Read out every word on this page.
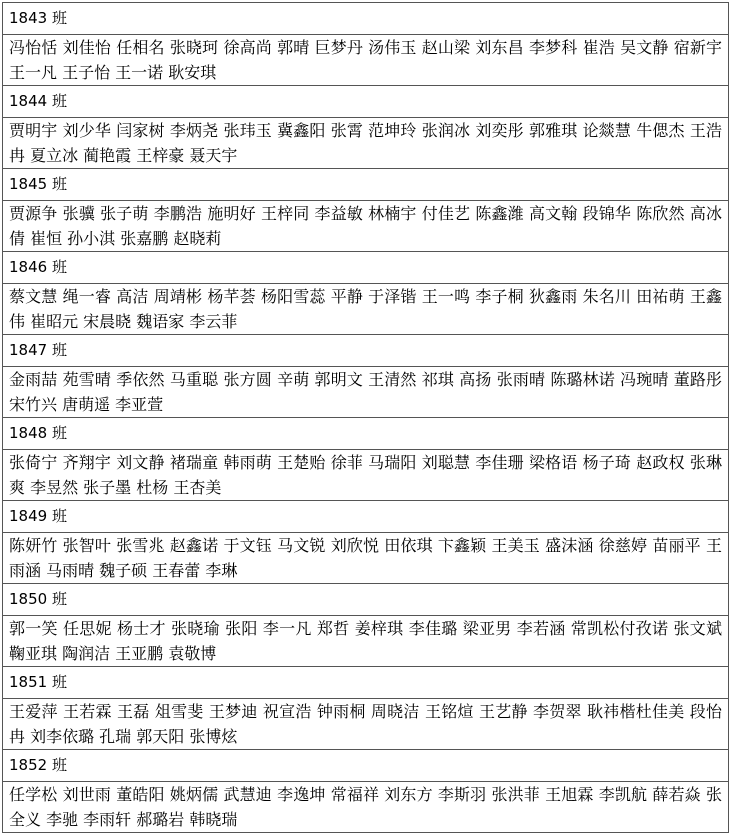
1843 班
冯怡恬 刘佳怡 任相名 张晓珂 徐高尚 郭晴 巨梦丹 汤伟玉 赵山梁 刘东昌 李梦科 崔浩 吴文静 宿新宇 王一凡 王子怡 王一诺 耿安琪
1844 班
贾明宇 刘少华 闫家树 李炳尧 张玮玉 冀鑫阳 张霄 范坤玲 张润冰 刘奕彤 郭雅琪 论燚慧 牛偲杰 王浩冉 夏立冰 蔺艳霞 王梓豪 聂天宇
1845 班
贾源争 张骥 张子萌 李鹏浩 施明好 王梓同 李益敏 林楠宇 付佳艺 陈鑫潍 高文翰 段锦华 陈欣然 高冰倩 崔恒 孙小淇 张嘉鹏 赵晓莉
1846 班
蔡文慧 绳一睿 高洁 周靖彬 杨芊荟 杨阳雪蕊 平静 于泽锴 王一鸣 李子桐 狄鑫雨 朱名川 田祐萌 王鑫伟 崔昭元 宋晨晓 魏语家 李云菲
1847 班
金雨喆 苑雪晴 季依然 马重聪 张方圆 辛萌 郭明文 王清然 祁琪 高扬 张雨晴 陈璐林诺 冯琬晴 董路彤 宋竹兴 唐萌遥 李亚萱
1848 班
张倚宁 齐翔宇 刘文静 褚瑞童 韩雨萌 王楚贻 徐菲 马瑞阳 刘聪慧 李佳珊 梁格语 杨子琦 赵政权 张琳爽 李昱然 张子墨 杜杨 王杏美
1849 班
陈妍竹 张智叶 张雪兆 赵鑫诺 于文钰 马文锐 刘欣悦 田依琪 卞鑫颖 王美玉 盛沫涵 徐慈婷 苗丽平 王雨涵 马雨晴 魏子硕 王春蕾 李琳
1850 班
郭一笑 任思妮 杨士才 张晓瑜 张阳 李一凡 郑哲 姜梓琪 李佳璐 梁亚男 李若涵 常凯松付孜诺 张文斌 鞠亚琪 陶润洁 王亚鹏 袁敬博
1851 班
王爱萍 王若霖 王磊 俎雪斐 王梦迪 祝宣浩 钟雨桐 周晓洁 王铭煊 王艺静 李贺翠 耿祎楷杜佳美 段怡冉 刘李依璐 孔瑞 郭天阳 张博炫
1852 班
任学松 刘世雨 董皓阳 姚炳儒 武慧迪 李逸坤 常福祥 刘东方 李斯羽 张洪菲 王旭霖 李凯航 薛若焱 张全义 李驰 李雨轩 郝璐岩 韩晓瑞
